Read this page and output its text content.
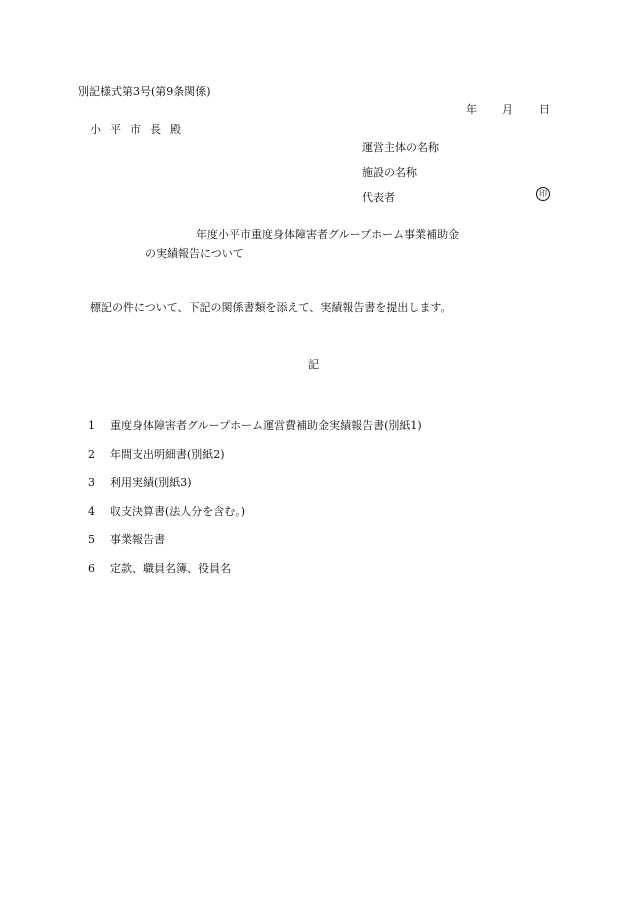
別記様式第3号(第9条関係)
年 月 日
小平市長殿
運営主体の名称
施設の名称
代表者	印
年度小平市重度身体障害者グループホーム事業補助金
の実績報告について
標記の件について、下記の関係書類を添えて、実績報告書を提出します。
記
1 重度身体障害者グループホーム運営費補助金実績報告書(別紙1)
2 年間支出明細書(別紙2)
3 利用実績(別紙3)
4 収支決算書(法人分を含む。)
5 事業報告書
6 定款、職員名簿、役員名
